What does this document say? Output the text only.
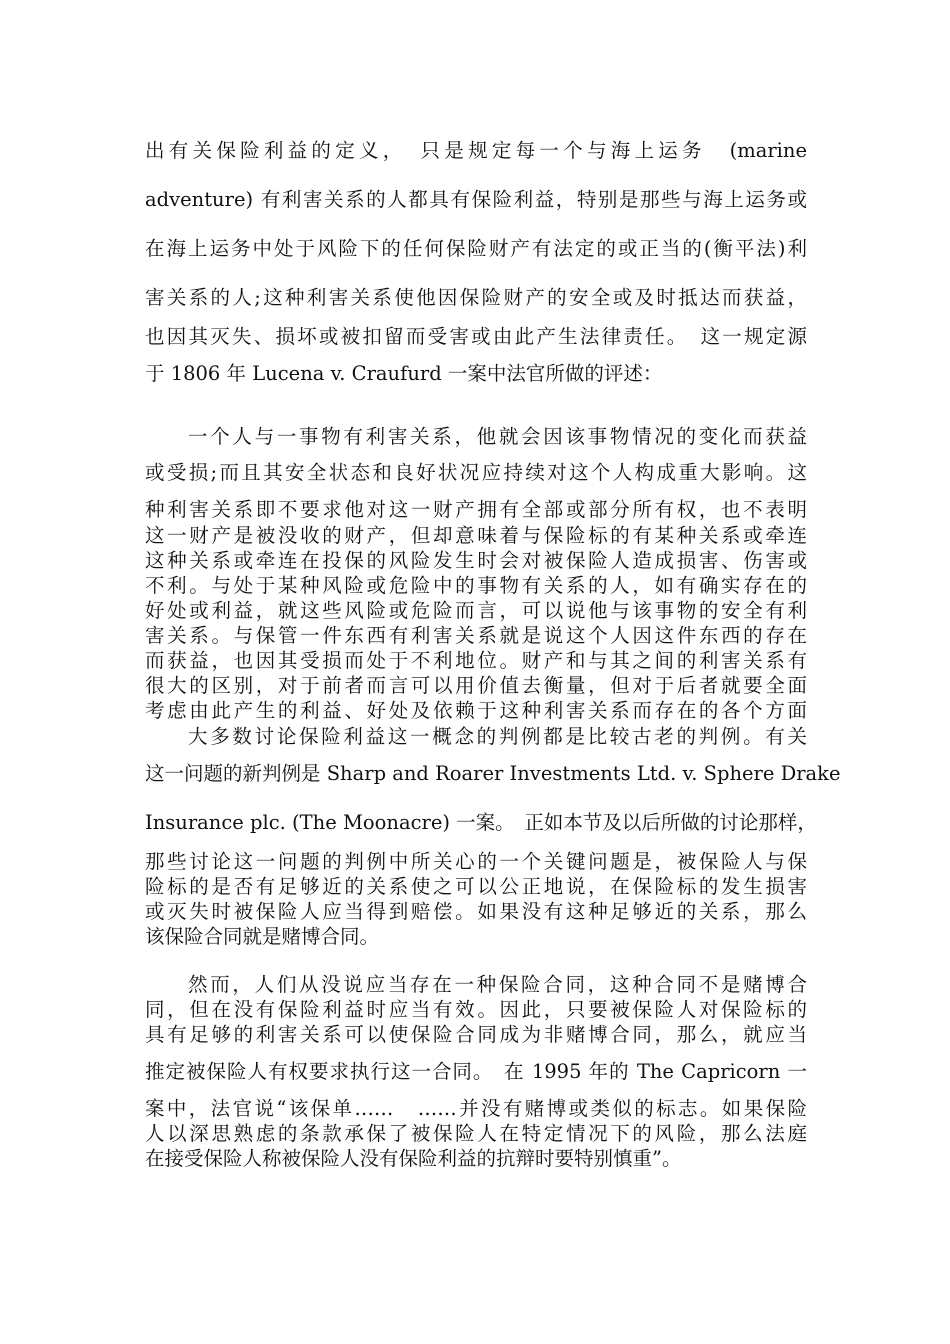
出有关保险利益的定义，　只是规定每一个与海上运务　(marine
adventure) 有利害关系的人都具有保险利益，特别是那些与海上运务或
在海上运务中处于风险下的任何保险财产有法定的或正当的(衡平法)利
害关系的人;这种利害关系使他因保险财产的安全或及时抵达而获益，
也因其灭失、损坏或被扣留而受害或由此产生法律责任。　这一规定源
于 1806 年 Lucena v. Craufurd 一案中法官所做的评述：
一个人与一事物有利害关系，他就会因该事物情况的变化而获益
或受损;而且其安全状态和良好状况应持续对这个人构成重大影响。这
种利害关系即不要求他对这一财产拥有全部或部分所有权，也不表明
这一财产是被没收的财产，但却意味着与保险标的有某种关系或牵连
这种关系或牵连在投保的风险发生时会对被保险人造成损害、伤害或
不利。与处于某种风险或危险中的事物有关系的人，如有确实存在的
好处或利益，就这些风险或危险而言，可以说他与该事物的安全有利
害关系。与保管一件东西有利害关系就是说这个人因这件东西的存在
而获益，也因其受损而处于不利地位。财产和与其之间的利害关系有
很大的区别，对于前者而言可以用价值去衡量，但对于后者就要全面
考虑由此产生的利益、好处及依赖于这种利害关系而存在的各个方面
大多数讨论保险利益这一概念的判例都是比较古老的判例。有关
这一问题的新判例是 Sharp and Roarer Investments Ltd. v. Sphere Drake
Insurance plc. (The Moonacre) 一案。　正如本节及以后所做的讨论那样，
那些讨论这一问题的判例中所关心的一个关键问题是，被保险人与保
险标的是否有足够近的关系使之可以公正地说，在保险标的发生损害
或灭失时被保险人应当得到赔偿。如果没有这种足够近的关系，那么
该保险合同就是赌博合同。
然而，人们从没说应当存在一种保险合同，这种合同不是赌博合
同，但在没有保险利益时应当有效。因此，只要被保险人对保险标的
具有足够的利害关系可以使保险合同成为非赌博合同，那么，就应当
推定被保险人有权要求执行这一合同。　在 1995 年的 The Capricorn 一
案中，法官说“该保单……　……并没有赌博或类似的标志。如果保险
人以深思熟虑的条款承保了被保险人在特定情况下的风险，那么法庭
在接受保险人称被保险人没有保险利益的抗辩时要特别慎重”。
